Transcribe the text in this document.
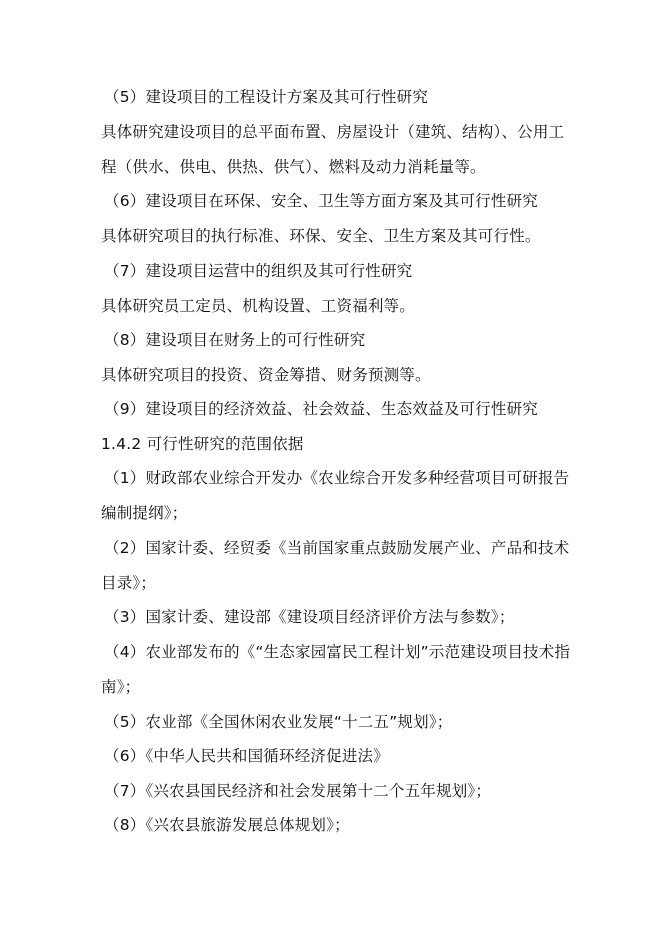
（5）建设项目的工程设计方案及其可行性研究
具体研究建设项目的总平面布置、房屋设计（建筑、结构）、公用工
程（供水、供电、供热、供气）、燃料及动力消耗量等。
（6）建设项目在环保、安全、卫生等方面方案及其可行性研究
具体研究项目的执行标准、环保、安全、卫生方案及其可行性。
（7）建设项目运营中的组织及其可行性研究
具体研究员工定员、机构设置、工资福利等。
（8）建设项目在财务上的可行性研究
具体研究项目的投资、资金筹措、财务预测等。
（9）建设项目的经济效益、社会效益、生态效益及可行性研究
1.4.2 可行性研究的范围依据
（1）财政部农业综合开发办《农业综合开发多种经营项目可研报告
编制提纲》；
（2）国家计委、经贸委《当前国家重点鼓励发展产业、产品和技术
目录》；
（3）国家计委、建设部《建设项目经济评价方法与参数》；
（4）农业部发布的《“生态家园富民工程计划”示范建设项目技术指
南》；
（5）农业部《全国休闲农业发展“十二五”规划》；
（6）《中华人民共和国循环经济促进法》
（7）《兴农县国民经济和社会发展第十二个五年规划》；
（8）《兴农县旅游发展总体规划》；
